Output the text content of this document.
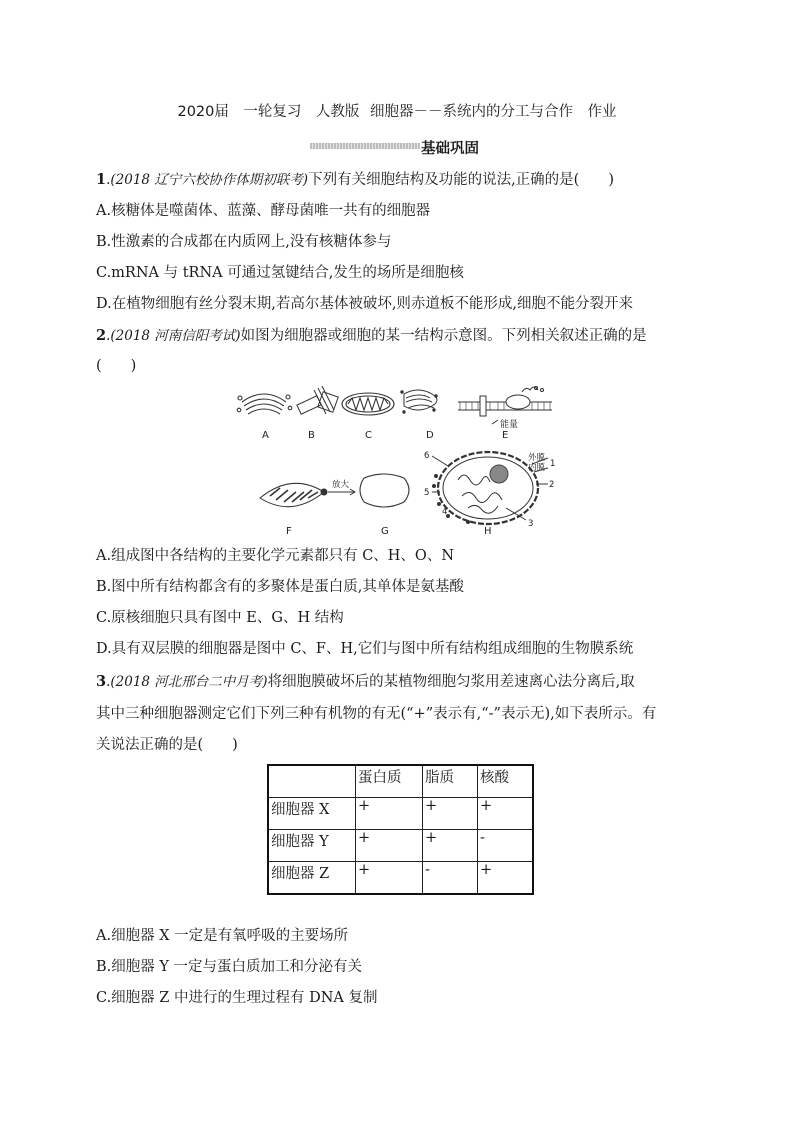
2020届　一轮复习　人教版 细胞器－－系统内的分工与合作　作业
基础巩固
1.(2018 辽宁六校协作体期初联考)下列有关细胞结构及功能的说法,正确的是(　　)
A.核糖体是噬菌体、蓝藻、酵母菌唯一共有的细胞器
B.性激素的合成都在内质网上,没有核糖体参与
C.mRNA 与 tRNA 可通过氢键结合,发生的场所是细胞核
D.在植物细胞有丝分裂末期,若高尔基体被破坏,则赤道板不能形成,细胞不能分裂开来
2.(2018 河南信阳考试)如图为细胞器或细胞的某一结构示意图。下列相关叙述正确的是
(　　)
能量
A	B	C	D	E
放大
外膜
内膜 1
2
3
4
5
6
F	G	H
A.组成图中各结构的主要化学元素都只有 C、H、O、N
B.图中所有结构都含有的多聚体是蛋白质,其单体是氨基酸
C.原核细胞只具有图中 E、G、H 结构
D.具有双层膜的细胞器是图中 C、F、H,它们与图中所有结构组成细胞的生物膜系统
3.(2018 河北邢台二中月考)将细胞膜破坏后的某植物细胞匀浆用差速离心法分离后,取
其中三种细胞器测定它们下列三种有机物的有无(“+”表示有,“-”表示无),如下表所示。有
关说法正确的是(　　)
	蛋白质	脂质	核酸
细胞器 X	+	+	+
细胞器 Y	+	+	-
细胞器 Z	+	-	+
A.细胞器 X 一定是有氧呼吸的主要场所
B.细胞器 Y 一定与蛋白质加工和分泌有关
C.细胞器 Z 中进行的生理过程有 DNA 复制
